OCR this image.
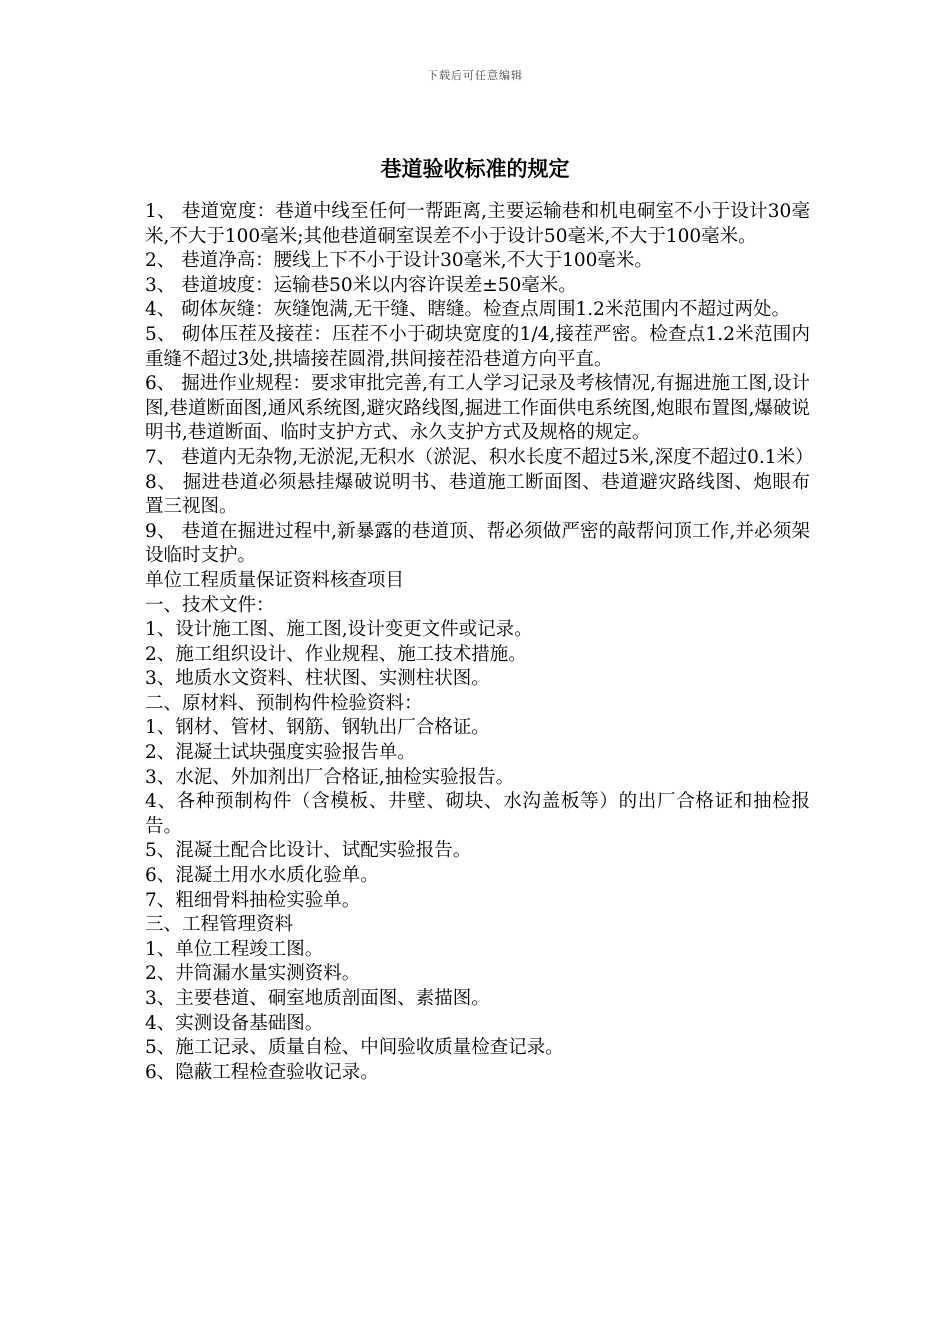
下载后可任意编辑
巷道验收标准的规定

1、 巷道宽度：巷道中线至任何一帮距离,主要运输巷和机电硐室不小于设计30毫米,不大于100毫米;其他巷道硐室误差不小于设计50毫米,不大于100毫米。

2、 巷道净高：腰线上下不小于设计30毫米,不大于100毫米。

3、 巷道坡度：运输巷50米以内容许误差±50毫米。

4、 砌体灰缝：灰缝饱满,无干缝、瞎缝。检查点周围1.2米范围内不超过两处。

5、 砌体压茬及接茬：压茬不小于砌块宽度的1/4,接茬严密。检查点1.2米范围内重缝不超过3处,拱墙接茬圆滑,拱间接茬沿巷道方向平直。

6、 掘进作业规程：要求审批完善,有工人学习记录及考核情况,有掘进施工图,设计图,巷道断面图,通风系统图,避灾路线图,掘进工作面供电系统图,炮眼布置图,爆破说明书,巷道断面、临时支护方式、永久支护方式及规格的规定。

7、 巷道内无杂物,无淤泥,无积水（淤泥、积水长度不超过5米,深度不超过0.1米）

8、 掘进巷道必须悬挂爆破说明书、巷道施工断面图、巷道避灾路线图、炮眼布置三视图。

9、 巷道在掘进过程中,新暴露的巷道顶、帮必须做严密的敲帮问顶工作,并必须架设临时支护。

单位工程质量保证资料核查项目

一、技术文件：

1、设计施工图、施工图,设计变更文件或记录。

2、施工组织设计、作业规程、施工技术措施。

3、地质水文资料、柱状图、实测柱状图。

二、原材料、预制构件检验资料：

1、钢材、管材、钢筋、钢轨出厂合格证。

2、混凝土试块强度实验报告单。

3、水泥、外加剂出厂合格证,抽检实验报告。

4、各种预制构件（含模板、井壁、砌块、水沟盖板等）的出厂合格证和抽检报告。

5、混凝土配合比设计、试配实验报告。

6、混凝土用水水质化验单。

7、粗细骨料抽检实验单。

三、工程管理资料

1、单位工程竣工图。

2、井筒漏水量实测资料。

3、主要巷道、硐室地质剖面图、素描图。

4、实测设备基础图。

5、施工记录、质量自检、中间验收质量检查记录。

6、隐蔽工程检查验收记录。
